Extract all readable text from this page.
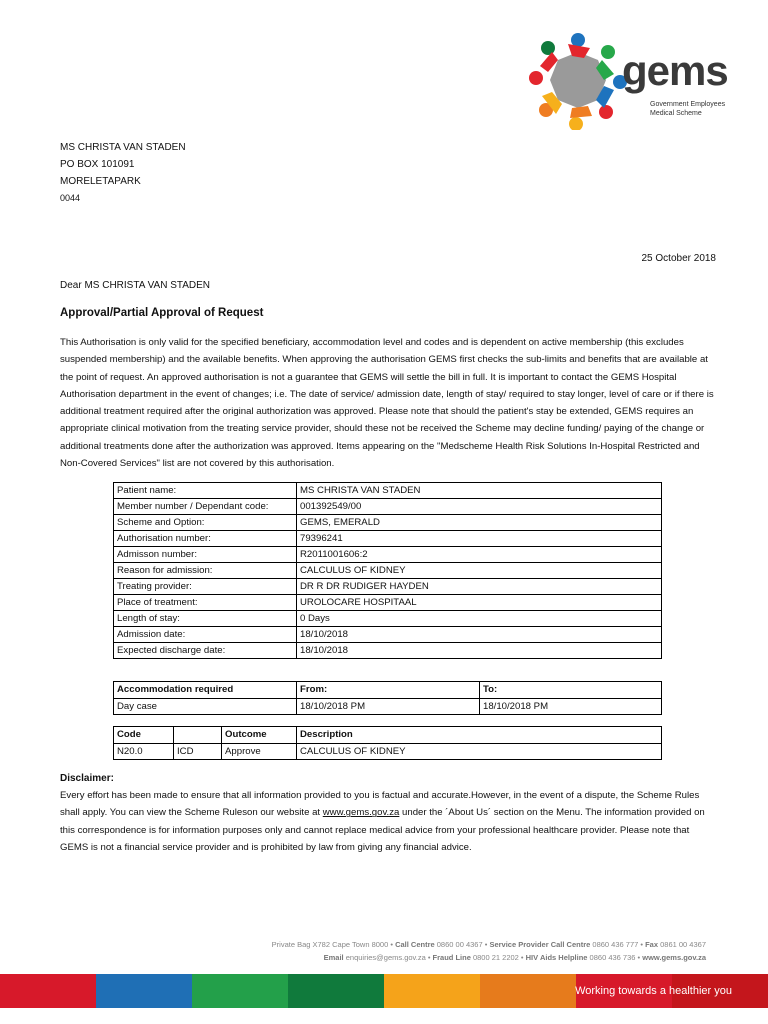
gems
Government Employees
Medical Scheme
MS CHRISTA VAN STADEN
PO BOX 101091
MORELETAPARK
0044
25 October 2018
Dear MS CHRISTA VAN STADEN
Approval/Partial Approval of Request
This Authorisation is only valid for the specified beneficiary, accommodation level and codes and is dependent on active membership (this excludes suspended membership) and the available benefits. When approving the authorisation GEMS first checks the sub-limits and benefits that are available at the point of request. An approved authorisation is not a guarantee that GEMS will settle the bill in full. It is important to contact the GEMS Hospital Authorisation department in the event of changes; i.e. The date of service/ admission date, length of stay/ required to stay longer, level of care or if there is additional treatment required after the original authorization was approved. Please note that should the patient's stay be extended, GEMS requires an appropriate clinical motivation from the treating service provider, should these not be received the Scheme may decline funding/ paying of the change or additional treatments done after the authorization was approved. Items appearing on the "Medscheme Health Risk Solutions In-Hospital Restricted and Non-Covered Services" list are not covered by this authorisation.
Patient name:	MS CHRISTA VAN STADEN
Member number / Dependant code:	001392549/00
Scheme and Option:	GEMS, EMERALD
Authorisation number:	79396241
Admisson number:	R2011001606:2
Reason for admission:	CALCULUS OF KIDNEY
Treating provider:	DR R DR RUDIGER HAYDEN
Place of treatment:	UROLOCARE HOSPITAAL
Length of stay:	0 Days
Admission date:	18/10/2018
Expected discharge date:	18/10/2018
Accommodation required	From:	To:
Day case	18/10/2018 PM	18/10/2018 PM
Code		Outcome	Description
N20.0	ICD	Approve	CALCULUS OF KIDNEY
Disclaimer:
Every effort has been made to ensure that all information provided to you is factual and accurate.However, in the event of a dispute, the Scheme Rules shall apply. You can view the Scheme Ruleson our website at www.gems.gov.za under the ´About Us´ section on the Menu. The information provided on this correspondence is for information purposes only and cannot replace medical advice from your professional healthcare provider. Please note that GEMS is not a financial service provider and is prohibited by law from giving any financial advice.
Private Bag X782 Cape Town 8000 • Call Centre 0860 00 4367 • Service Provider Call Centre 0860 436 777 • Fax 0861 00 4367
Email enquiries@gems.gov.za • Fraud Line 0800 21 2202 • HIV Aids Helpline 0860 436 736 • www.gems.gov.za
Working towards a healthier you
